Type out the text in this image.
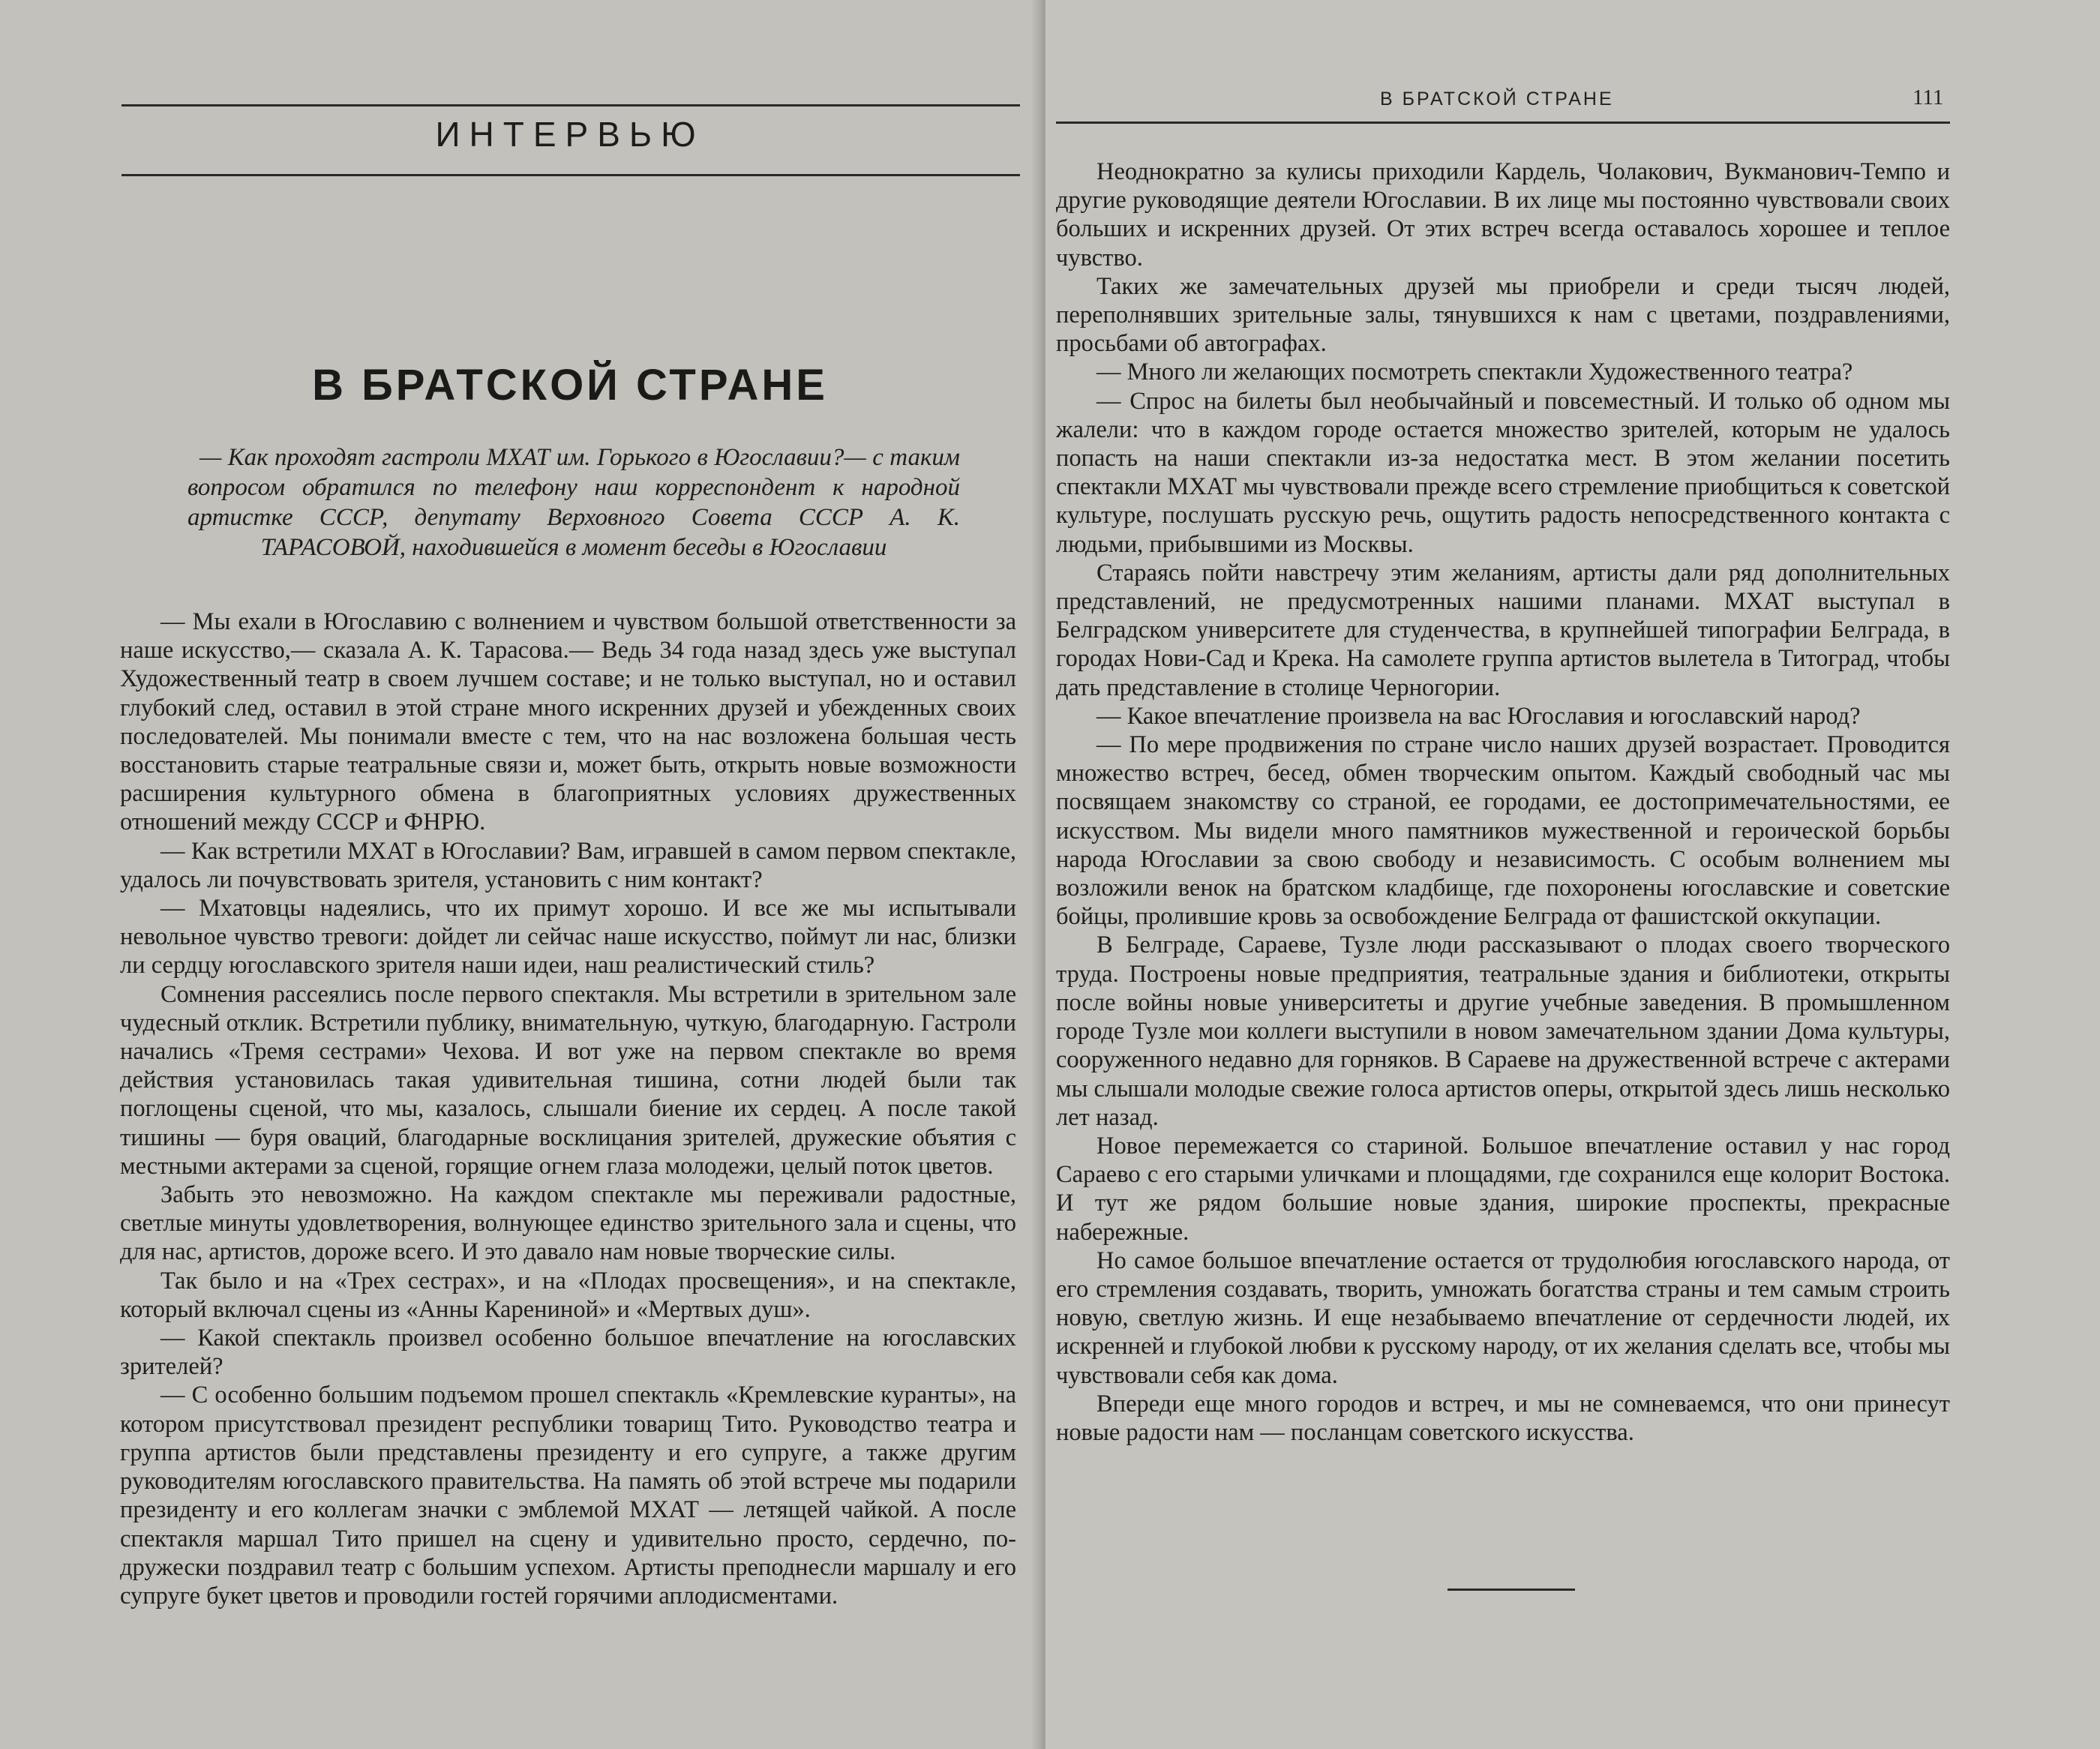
ИНТЕРВЬЮ
В БРАТСКОЙ СТРАНЕ

— Как проходят гастроли МХАТ им. Горького в Югославии?— с таким вопросом обратился по телефону наш корреспондент к народной артистке СССР, депутату Верховного Совета СССР А. К. ТАРАСОВОЙ, находившейся в момент беседы в Югославии

— Мы ехали в Югославию с волнением и чувством большой ответственности за наше искусство,— сказала А. К. Тарасова.— Ведь 34 года назад здесь уже выступал Художественный театр в своем лучшем составе; и не только выступал, но и оставил глубокий след, оставил в этой стране много искренних друзей и убежденных своих последователей. Мы понимали вместе с тем, что на нас возложена большая честь восстановить старые театральные связи и, может быть, открыть новые возможности расширения культурного обмена в благоприятных условиях дружественных отношений между СССР и ФНРЮ.

— Как встретили МХАТ в Югославии? Вам, игравшей в самом первом спектакле, удалось ли почувствовать зрителя, установить с ним контакт?

— Мхатовцы надеялись, что их примут хорошо. И все же мы испытывали невольное чувство тревоги: дойдет ли сейчас наше искусство, поймут ли нас, близки ли сердцу югославского зрителя наши идеи, наш реалистический стиль?

Сомнения рассеялись после первого спектакля. Мы встретили в зрительном зале чудесный отклик. Встретили публику, внимательную, чуткую, благодарную. Гастроли начались «Тремя сестрами» Чехова. И вот уже на первом спектакле во время действия установилась такая удивительная тишина, сотни людей были так поглощены сценой, что мы, казалось, слышали биение их сердец. А после такой тишины — буря оваций, благодарные восклицания зрителей, дружеские объятия с местными актерами за сценой, горящие огнем глаза молодежи, целый поток цветов.

Забыть это невозможно. На каждом спектакле мы переживали радостные, светлые минуты удовлетворения, волнующее единство зрительного зала и сцены, что для нас, артистов, дороже всего. И это давало нам новые творческие силы.

Так было и на «Трех сестрах», и на «Плодах просвещения», и на спектакле, который включал сцены из «Анны Карениной» и «Мертвых душ».

— Какой спектакль произвел особенно большое впечатление на югославских зрителей?

— С особенно большим подъемом прошел спектакль «Кремлевские куранты», на котором присутствовал президент республики товарищ Тито. Руководство театра и группа артистов были представлены президенту и его супруге, а также другим руководителям югославского правительства. На память об этой встрече мы подарили президенту и его коллегам значки с эмблемой МХАТ — летящей чайкой. А после спектакля маршал Тито пришел на сцену и удивительно просто, сердечно, по-дружески поздравил театр с большим успехом. Артисты преподнесли маршалу и его супруге букет цветов и проводили гостей горячими аплодисментами.

В БРАТСКОЙ СТРАНЕ	111

Неоднократно за кулисы приходили Кардель, Чолакович, Вукманович-Темпо и другие руководящие деятели Югославии. В их лице мы постоянно чувствовали своих больших и искренних друзей. От этих встреч всегда оставалось хорошее и теплое чувство.

Таких же замечательных друзей мы приобрели и среди тысяч людей, переполнявших зрительные залы, тянувшихся к нам с цветами, поздравлениями, просьбами об автографах.

— Много ли желающих посмотреть спектакли Художественного театра?

— Спрос на билеты был необычайный и повсеместный. И только об одном мы жалели: что в каждом городе остается множество зрителей, которым не удалось попасть на наши спектакли из-за недостатка мест. В этом желании посетить спектакли МХАТ мы чувствовали прежде всего стремление приобщиться к советской культуре, послушать русскую речь, ощутить радость непосредственного контакта с людьми, прибывшими из Москвы.

Стараясь пойти навстречу этим желаниям, артисты дали ряд дополнительных представлений, не предусмотренных нашими планами. МХАТ выступал в Белградском университете для студенчества, в крупнейшей типографии Белграда, в городах Нови-Сад и Крека. На самолете группа артистов вылетела в Титоград, чтобы дать представление в столице Черногории.

— Какое впечатление произвела на вас Югославия и югославский народ?

— По мере продвижения по стране число наших друзей возрастает. Проводится множество встреч, бесед, обмен творческим опытом. Каждый свободный час мы посвящаем знакомству со страной, ее городами, ее достопримечательностями, ее искусством. Мы видели много памятников мужественной и героической борьбы народа Югославии за свою свободу и независимость. С особым волнением мы возложили венок на братском кладбище, где похоронены югославские и советские бойцы, пролившие кровь за освобождение Белграда от фашистской оккупации.

В Белграде, Сараеве, Тузле люди рассказывают о плодах своего творческого труда. Построены новые предприятия, театральные здания и библиотеки, открыты после войны новые университеты и другие учебные заведения. В промышленном городе Тузле мои коллеги выступили в новом замечательном здании Дома культуры, сооруженного недавно для горняков. В Сараеве на дружественной встрече с актерами мы слышали молодые свежие голоса артистов оперы, открытой здесь лишь несколько лет назад.

Новое перемежается со стариной. Большое впечатление оставил у нас город Сараево с его старыми уличками и площадями, где сохранился еще колорит Востока. И тут же рядом большие новые здания, широкие проспекты, прекрасные набережные.

Но самое большое впечатление остается от трудолюбия югославского народа, от его стремления создавать, творить, умножать богатства страны и тем самым строить новую, светлую жизнь. И еще незабываемо впечатление от сердечности людей, их искренней и глубокой любви к русскому народу, от их желания сделать все, чтобы мы чувствовали себя как дома.

Впереди еще много городов и встреч, и мы не сомневаемся, что они принесут новые радости нам — посланцам советского искусства.
